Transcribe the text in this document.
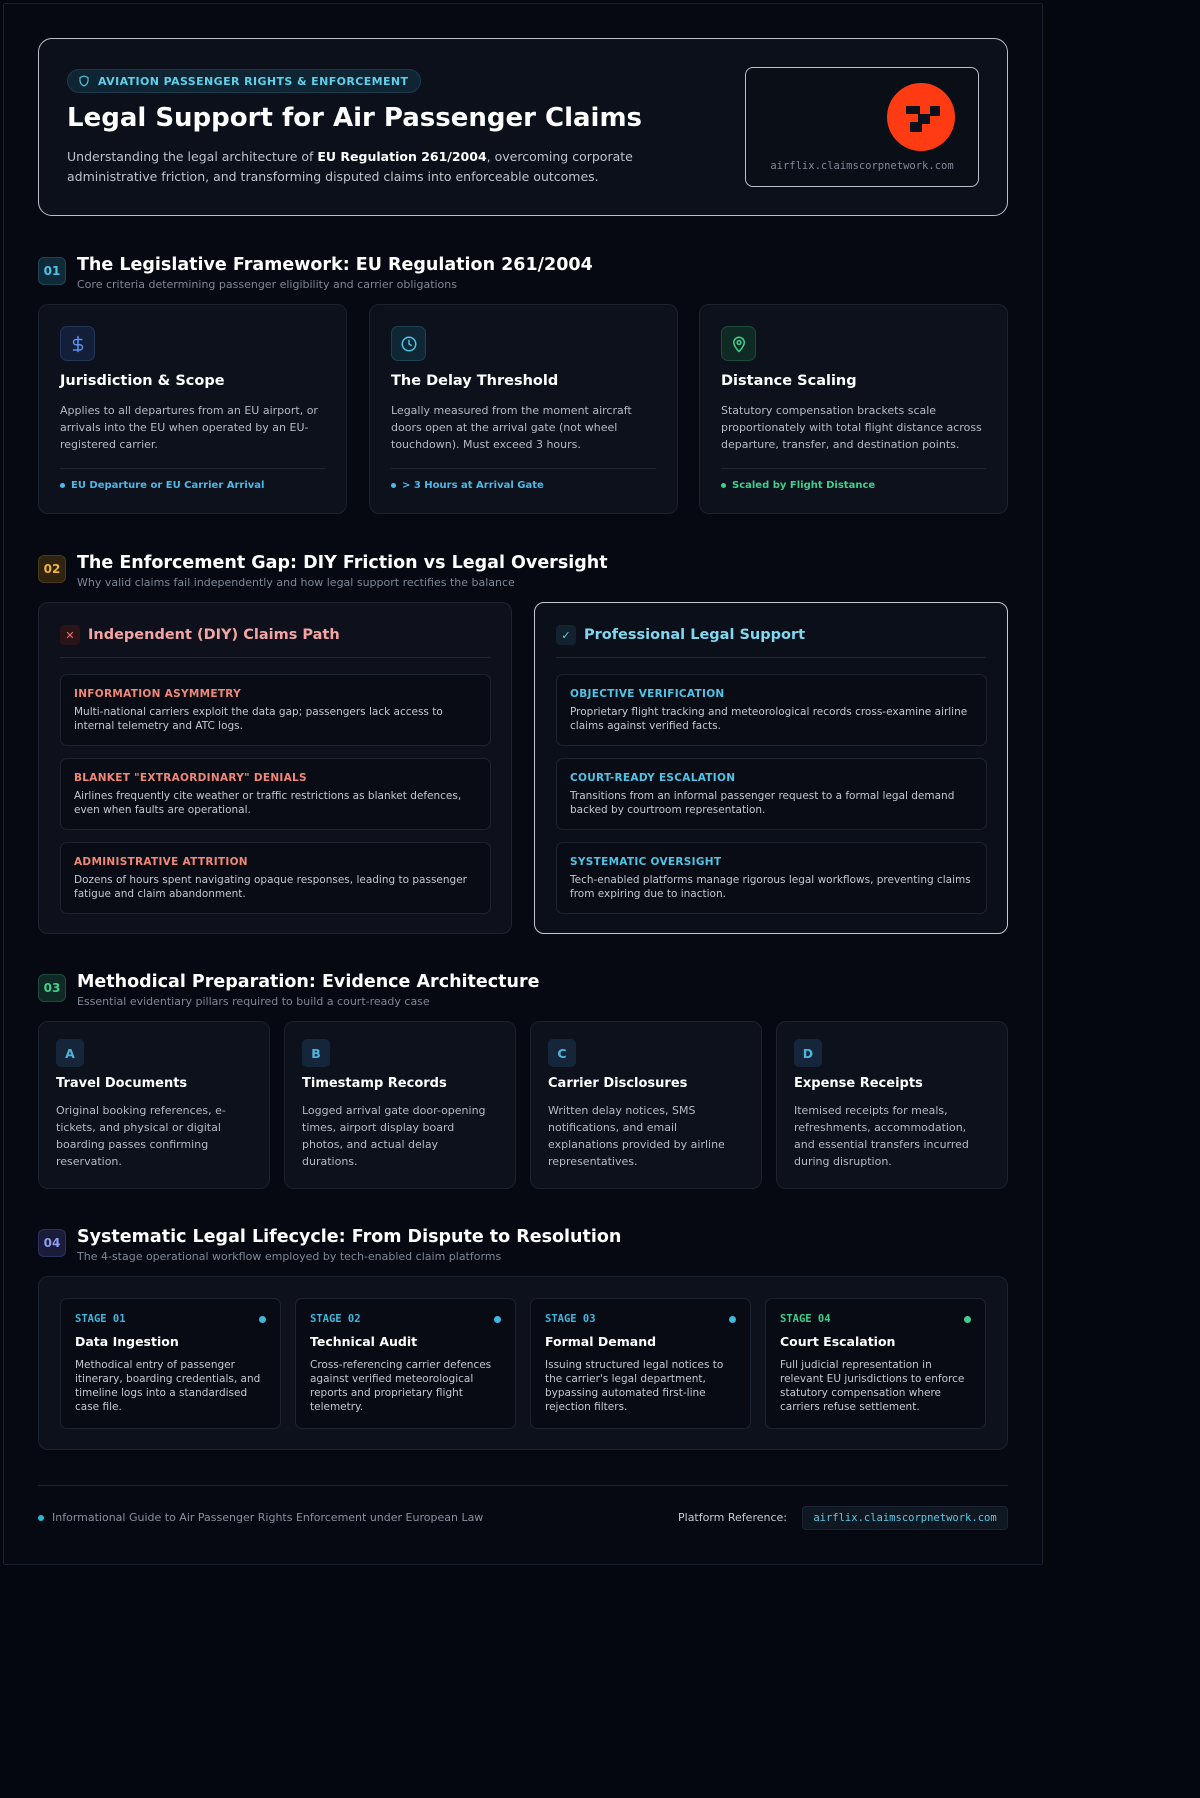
AVIATION PASSENGER RIGHTS & ENFORCEMENT
Legal Support for Air Passenger Claims
Understanding the legal architecture of EU Regulation 261/2004, overcoming corporate administrative friction, and transforming disputed claims into enforceable outcomes.
airflix.claimscorpnetwork.com
01 The Legislative Framework: EU Regulation 261/2004
Core criteria determining passenger eligibility and carrier obligations
Jurisdiction & Scope
Applies to all departures from an EU airport, or arrivals into the EU when operated by an EU-registered carrier.
EU Departure or EU Carrier Arrival
The Delay Threshold
Legally measured from the moment aircraft doors open at the arrival gate (not wheel touchdown). Must exceed 3 hours.
> 3 Hours at Arrival Gate
Distance Scaling
Statutory compensation brackets scale proportionately with total flight distance across departure, transfer, and destination points.
Scaled by Flight Distance
02 The Enforcement Gap: DIY Friction vs Legal Oversight
Why valid claims fail independently and how legal support rectifies the balance
✕ Independent (DIY) Claims Path
INFORMATION ASYMMETRY
Multi-national carriers exploit the data gap; passengers lack access to internal telemetry and ATC logs.
BLANKET "EXTRAORDINARY" DENIALS
Airlines frequently cite weather or traffic restrictions as blanket defences, even when faults are operational.
ADMINISTRATIVE ATTRITION
Dozens of hours spent navigating opaque responses, leading to passenger fatigue and claim abandonment.
✓ Professional Legal Support
OBJECTIVE VERIFICATION
Proprietary flight tracking and meteorological records cross-examine airline claims against verified facts.
COURT-READY ESCALATION
Transitions from an informal passenger request to a formal legal demand backed by courtroom representation.
SYSTEMATIC OVERSIGHT
Tech-enabled platforms manage rigorous legal workflows, preventing claims from expiring due to inaction.
03 Methodical Preparation: Evidence Architecture
Essential evidentiary pillars required to build a court-ready case
A
Travel Documents
Original booking references, e-tickets, and physical or digital boarding passes confirming reservation.
B
Timestamp Records
Logged arrival gate door-opening times, airport display board photos, and actual delay durations.
C
Carrier Disclosures
Written delay notices, SMS notifications, and email explanations provided by airline representatives.
D
Expense Receipts
Itemised receipts for meals, refreshments, accommodation, and essential transfers incurred during disruption.
04 Systematic Legal Lifecycle: From Dispute to Resolution
The 4-stage operational workflow employed by tech-enabled claim platforms
STAGE 01
Data Ingestion
Methodical entry of passenger itinerary, boarding credentials, and timeline logs into a standardised case file.
STAGE 02
Technical Audit
Cross-referencing carrier defences against verified meteorological reports and proprietary flight telemetry.
STAGE 03
Formal Demand
Issuing structured legal notices to the carrier's legal department, bypassing automated first-line rejection filters.
STAGE 04
Court Escalation
Full judicial representation in relevant EU jurisdictions to enforce statutory compensation where carriers refuse settlement.
Informational Guide to Air Passenger Rights Enforcement under European Law	Platform Reference:	airflix.claimscorpnetwork.com
